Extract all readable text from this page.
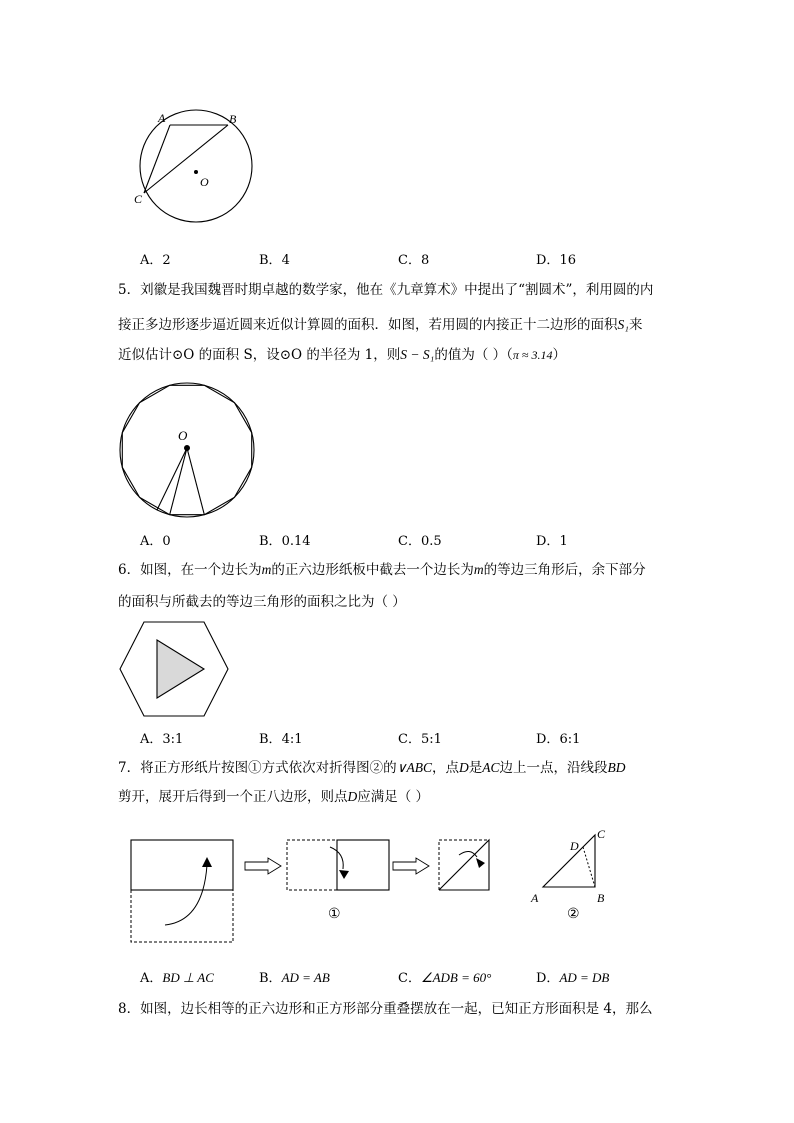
A	B
C
O
A．2	B．4	C．8	D．16
5．刘徽是我国魏晋时期卓越的数学家，他在《九章算术》中提出了“割圆术”，利用圆的内
接正多边形逐步逼近圆来近似计算圆的面积．如图，若用圆的内接正十二边形的面积S₁来
近似估计⊙O 的面积 S，设⊙O 的半径为 1，则S − S₁的值为（ ）（π ≈ 3.14）
O
A．0	B．0.14	C．0.5	D．1
6．如图，在一个边长为m的正六边形纸板中截去一个边长为m的等边三角形后，余下部分
的面积与所截去的等边三角形的面积之比为（ ）
A．3:1	B．4:1	C．5:1	D．6:1
7．将正方形纸片按图①方式依次对折得图②的∨ABC，点D是AC边上一点，沿线段BD
剪开，展开后得到一个正八边形，则点D应满足（ ）
①
A	B
C
D
②
A．BD ⊥ AC	B．AD = AB	C．∠ADB = 60°	D．AD = DB
8．如图，边长相等的正六边形和正方形部分重叠摆放在一起，已知正方形面积是 4，那么
